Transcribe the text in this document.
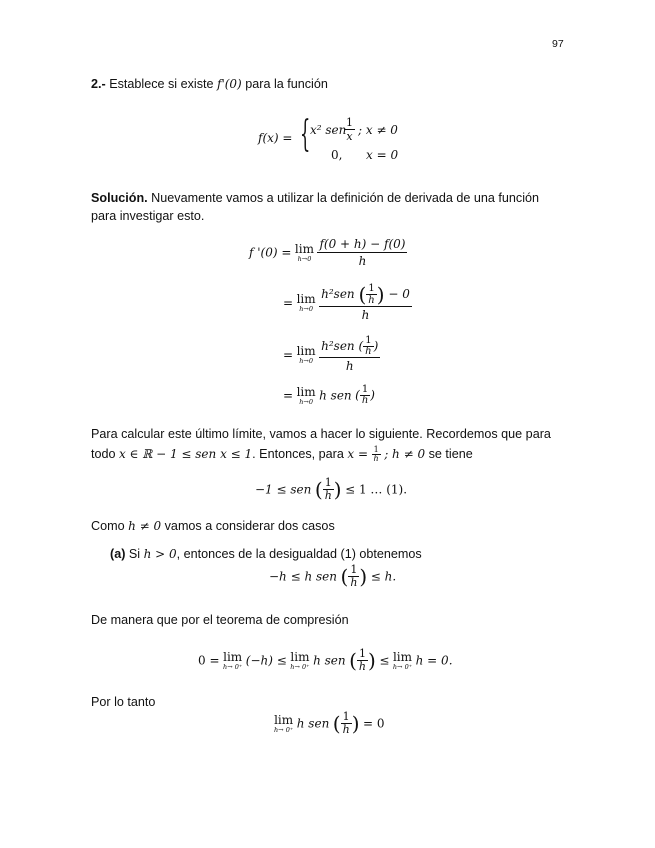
97
2.- Establece si existe f'(0) para la función
f(x) = { x² sen
$\frac{1}{x}$ ; x ≠ 0
0, x = 0
Solución. Nuevamente vamos a utilizar la definición de derivada de una función
para investigar esto.
f '(0) = lim
h→0
$\frac{f(0 + h) - f(0)}{h}$
= lim
h→0
$\frac{h^2sen ( \frac{1}{h} ) - 0}{h}$
= lim
h→0
$\frac{h^2sen ( \frac{1}{h} )}{h}$
= lim
h→0 h sen ( $\frac{1}{h}$ )
Para calcular este último límite, vamos a hacer lo siguiente. Recordemos que para
todo x ∈ ℝ − 1 ≤ sen x ≤ 1. Entonces, para $x = \frac{1}{h}$ ; h ≠ 0 se tiene
−1 ≤ sen ( $\frac{1}{h}$ ) ≤ 1 … (1).
Como h ≠ 0 vamos a considerar dos casos
(a) Si h > 0, entonces de la desigualdad (1) obtenemos
−h ≤ h sen ( $\frac{1}{h}$ ) ≤ h.
De manera que por el teorema de compresión
0 = lim
h→ 0⁺ (−h) ≤ lim
h→ 0⁺ h sen ( $\frac{1}{h}$ ) ≤ lim
h→ 0⁺ h = 0.
Por lo tanto
lim
h→ 0⁺ h sen ( $\frac{1}{h}$ ) = 0
